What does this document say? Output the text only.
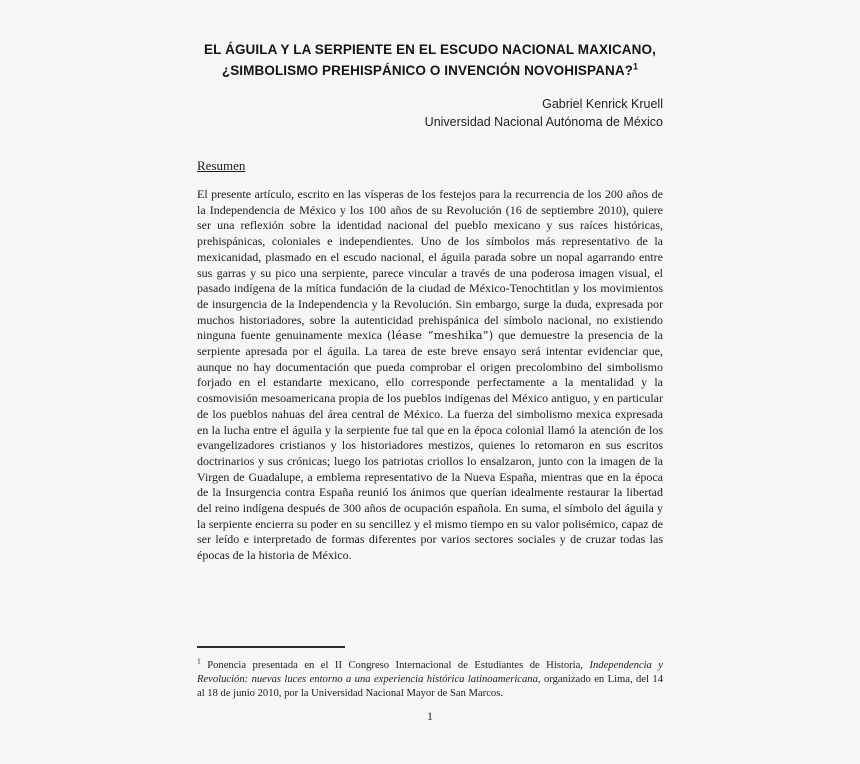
EL ÁGUILA Y LA SERPIENTE EN EL ESCUDO NACIONAL MAXICANO,
¿SIMBOLISMO PREHISPÁNICO O INVENCIÓN NOVOHISPANA?$^1$
Gabriel Kenrick Kruell
Universidad Nacional Autónoma de México
Resumen

El presente artículo, escrito en las vísperas de los festejos para la recurrencia de los 200 años de la Independencia de México y los 100 años de su Revolución (16 de septiembre 2010), quiere ser una reflexión sobre la identidad nacional del pueblo mexicano y sus raíces históricas, prehispánicas, coloniales e independientes. Uno de los símbolos más representativo de la mexicanidad, plasmado en el escudo nacional, el águila parada sobre un nopal agarrando entre sus garras y su pico una serpiente, parece vincular a través de una poderosa imagen visual, el pasado indígena de la mítica fundación de la ciudad de México-Tenochtitlan y los movimientos de insurgencia de la Independencia y la Revolución. Sin embargo, surge la duda, expresada por muchos historiadores, sobre la autenticidad prehispánica del símbolo nacional, no existiendo ninguna fuente genuinamente mexica (léase “meshika”) que demuestre la presencia de la serpiente apresada por el águila. La tarea de este breve ensayo será intentar evidenciar que, aunque no hay documentación que pueda comprobar el origen precolombino del simbolismo forjado en el estandarte mexicano, ello corresponde perfectamente a la mentalidad y la cosmovisión mesoamericana propia de los pueblos indígenas del México antiguo, y en particular de los pueblos nahuas del área central de México. La fuerza del simbolismo mexica expresada en la lucha entre el águila y la serpiente fue tal que en la época colonial llamó la atención de los evangelizadores cristianos y los historiadores mestizos, quienes lo retomaron en sus escritos doctrinarios y sus crónicas; luego los patriotas criollos lo ensalzaron, junto con la imagen de la Virgen de Guadalupe, a emblema representativo de la Nueva España, mientras que en la época de la Insurgencia contra España reunió los ánimos que querían idealmente restaurar la libertad del reino indígena después de 300 años de ocupación española. En suma, el símbolo del águila y la serpiente encierra su poder en su sencillez y el mismo tiempo en su valor polisémico, capaz de ser leído e interpretado de formas diferentes por varios sectores sociales y de cruzar todas las épocas de la historia de México.

$^1$ Ponencia presentada en el II Congreso Internacional de Estudiantes de Historia, Independencia y Revolución: nuevas luces entorno a una experiencia histórica latinoamericana, organizado en Lima, del 14 al 18 de junio 2010, por la Universidad Nacional Mayor de San Marcos.

1
